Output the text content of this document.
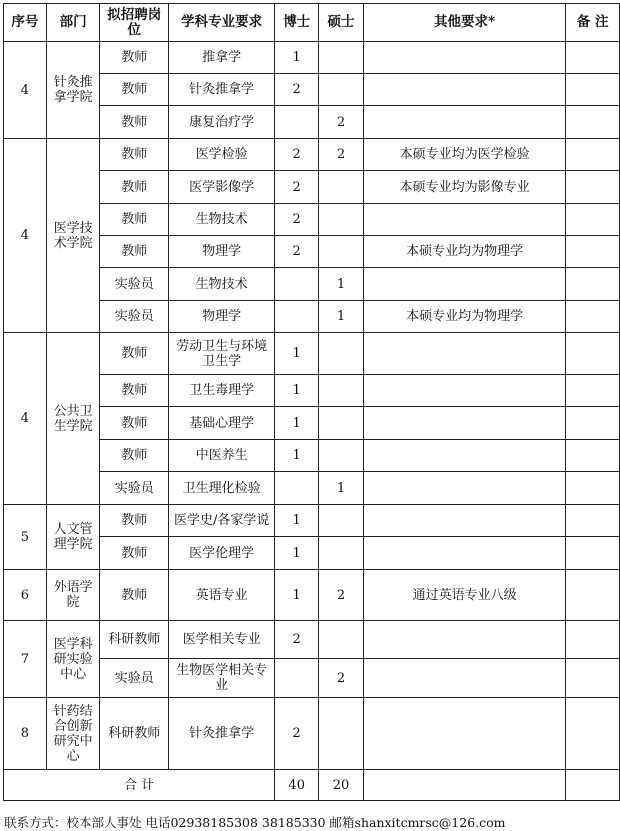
序号	部门	拟招聘岗位	学科专业要求	博士	硕士	其他要求*	备 注
4	针灸推拿学院	教师	推拿学	1			
		教师	针灸推拿学	2			
		教师	康复治疗学		2		
4	医学技术学院	教师	医学检验	2	2	本硕专业均为医学检验	
		教师	医学影像学	2		本硕专业均为影像专业	
		教师	生物技术	2			
		教师	物理学	2		本硕专业均为物理学	
		实验员	生物技术		1		
		实验员	物理学		1	本硕专业均为物理学	
4	公共卫生学院	教师	劳动卫生与环境卫生学	1			
		教师	卫生毒理学	1			
		教师	基础心理学	1			
		教师	中医养生	1			
		实验员	卫生理化检验		1		
5	人文管理学院	教师	医学史/各家学说	1			
		教师	医学伦理学	1			
6	外语学院	教师	英语专业	1	2	通过英语专业八级	
7	医学科研实验中心	科研教师	医学相关专业	2			
		实验员	生物医学相关专业		2		
8	针药结合创新研究中心	科研教师	针灸推拿学	2			
合 计				40	20		
联系方式：校本部人事处 电话02938185308 38185330 邮箱shanxitcmrsc@126.com
